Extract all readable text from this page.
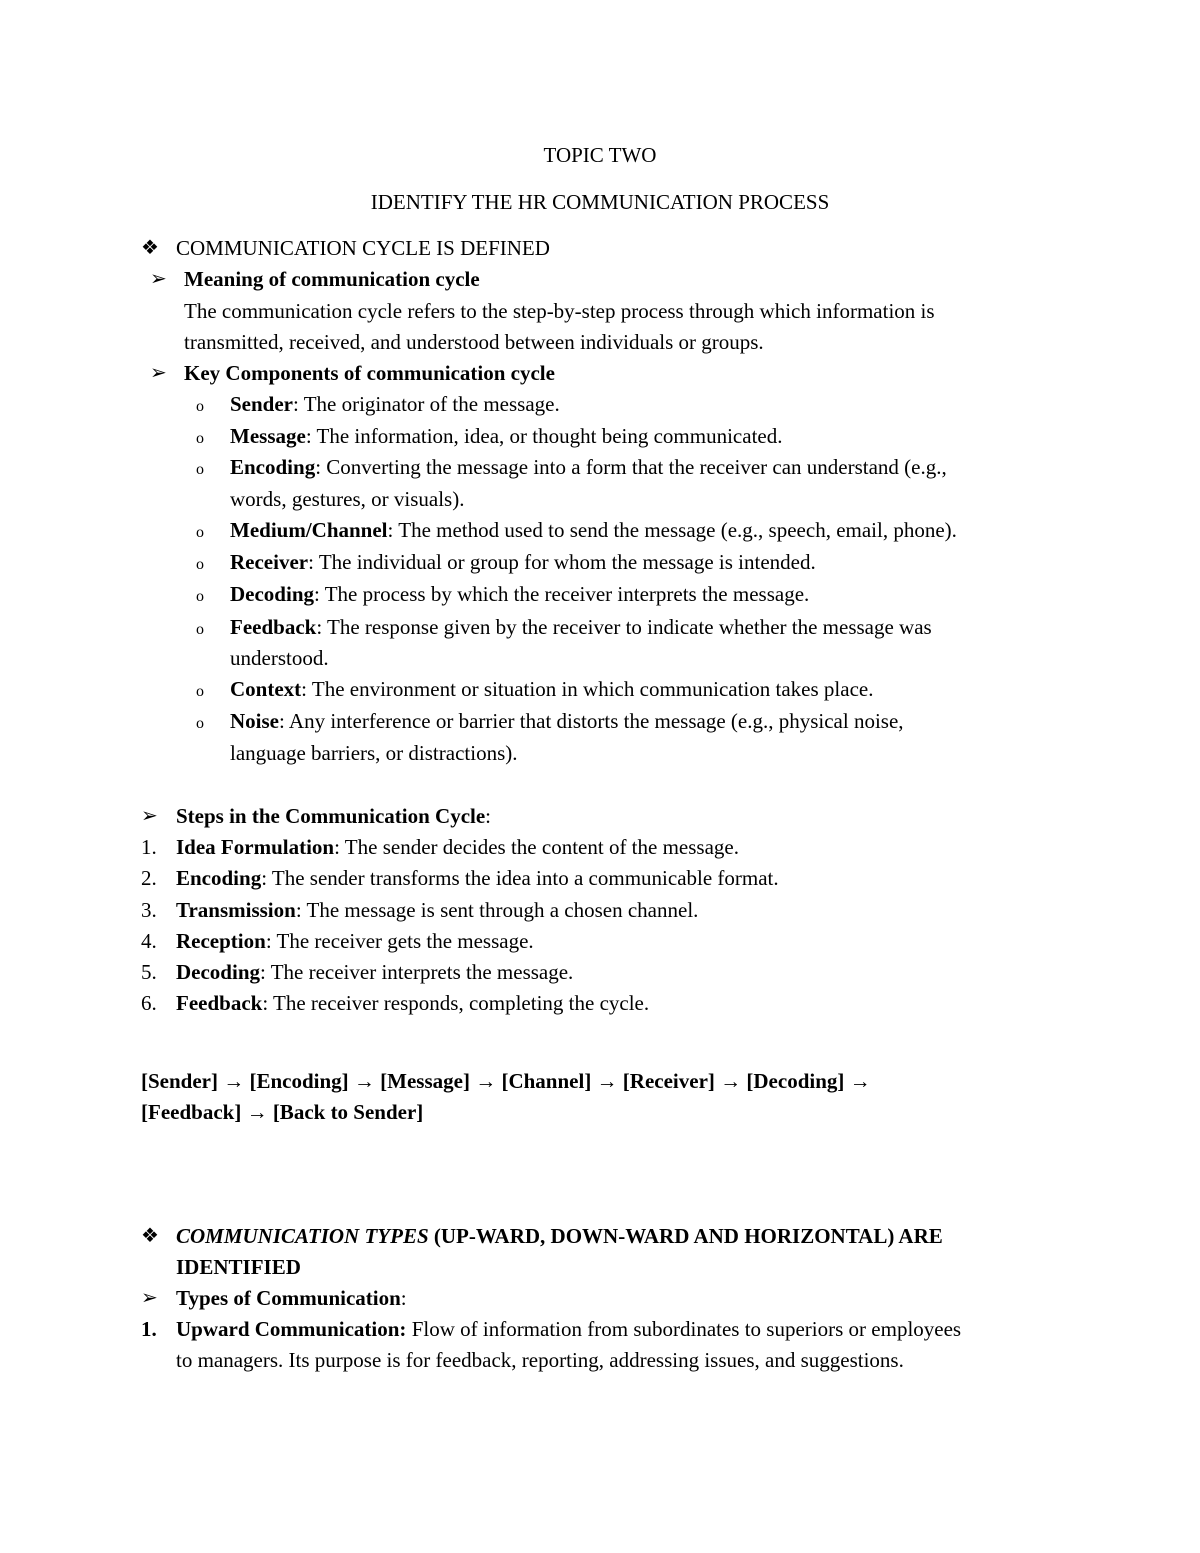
TOPIC TWO
IDENTIFY THE HR COMMUNICATION PROCESS
❖ COMMUNICATION CYCLE IS DEFINED
➢ Meaning of communication cycle
The communication cycle refers to the step-by-step process through which information is
transmitted, received, and understood between individuals or groups.
➢ Key Components of communication cycle
o Sender: The originator of the message.
o Message: The information, idea, or thought being communicated.
o Encoding: Converting the message into a form that the receiver can understand (e.g.,
words, gestures, or visuals).
o Medium/Channel: The method used to send the message (e.g., speech, email, phone).
o Receiver: The individual or group for whom the message is intended.
o Decoding: The process by which the receiver interprets the message.
o Feedback: The response given by the receiver to indicate whether the message was
understood.
o Context: The environment or situation in which communication takes place.
o Noise: Any interference or barrier that distorts the message (e.g., physical noise,
language barriers, or distractions).
➢ Steps in the Communication Cycle:
1. Idea Formulation: The sender decides the content of the message.
2. Encoding: The sender transforms the idea into a communicable format.
3. Transmission: The message is sent through a chosen channel.
4. Reception: The receiver gets the message.
5. Decoding: The receiver interprets the message.
6. Feedback: The receiver responds, completing the cycle.
[Sender] → [Encoding] → [Message] → [Channel] → [Receiver] → [Decoding] →
[Feedback] → [Back to Sender]
❖ COMMUNICATION TYPES (UP-WARD, DOWN-WARD AND HORIZONTAL) ARE
IDENTIFIED
➢ Types of Communication:
1. Upward Communication: Flow of information from subordinates to superiors or employees
to managers. Its purpose is for feedback, reporting, addressing issues, and suggestions.
